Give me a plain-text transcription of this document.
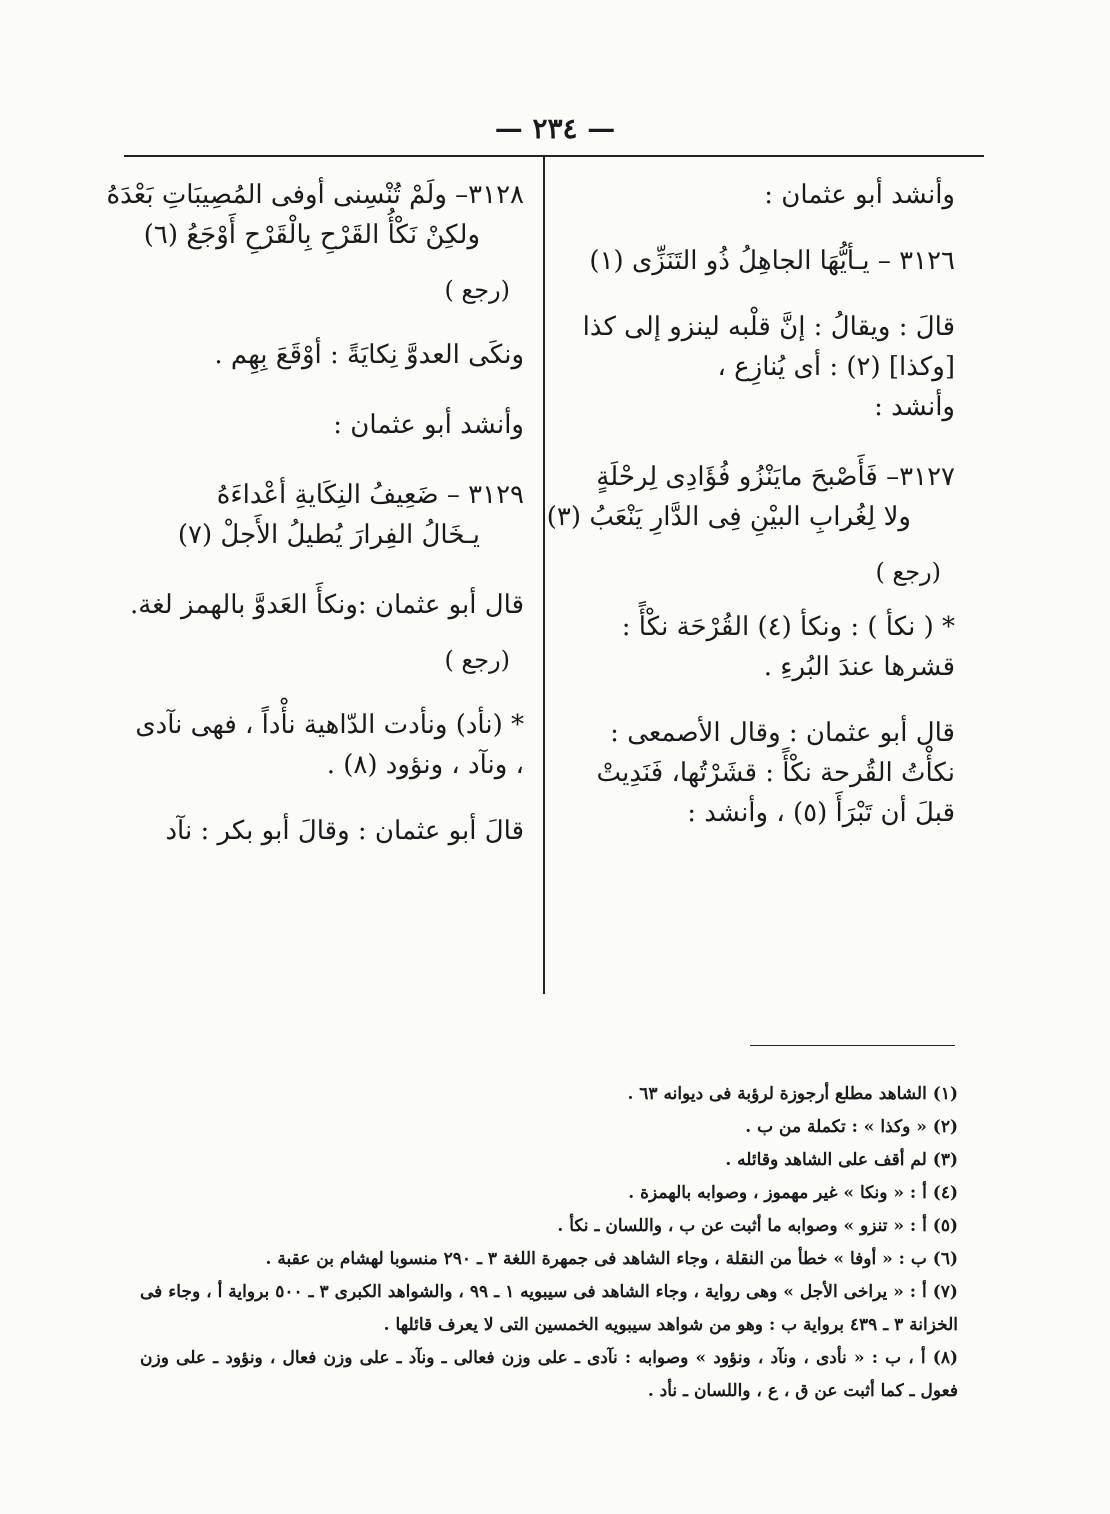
— ٢٣٤ —

وأنشد أبو عثمان :

٣١٢٦ – يـأيُّهَا الجاهِلُ ذُو التَنَزِّى (١)

قالَ : ويقالُ : إنَّ قلْبه لينزو إلى كذا [وكذا] (٢) : أى يُنازِع ،

وأنشد :

٣١٢٧– فَأَصْبحَ مايَنْزُو فُؤَادِى لِرحْلَةٍ
ولا لِغُرابِ البيْنِ فِى الدَّارِ يَنْعَبُ (٣)
(رجع )

* ( نكأ ) : ونكأ (٤) القُرْحَة نكْأً : قشرها عندَ البُرءِ .

قال أبو عثمان : وقال الأصمعى : نكأْتُ القُرحة نكْأً : قشَرْتُها، فَنَدِيتْ قبلَ أن تَبْرَأَ (٥) ، وأنشد :

٣١٢٨– ولَمْ تُنْسِنى أوفى المُصِيبَاتِ بَعْدَهُ
ولكِنْ نَكْأُ القَرْحِ بِالْقَرْحِ أَوْجَعُ (٦)
(رجع )

ونكَى العدوَّ نِكايَةً : أوْقَعَ بِهِم .

وأنشد أبو عثمان :

٣١٢٩ – ضَعِيفُ النِكَايةِ أعْداءَهُ
يـخَالُ الفِرارَ يُطيلُ الأَجلْ (٧)

قال أبو عثمان :ونكأَ العَدوَّ بالهمز لغة.

(رجع )

* (نأد) ونأدت الدّاهية نأْداً ، فهى نآدى ، ونآد ، ونؤود (٨) .

قالَ أبو عثمان : وقالَ أبو بكر : نآد

(١) الشاهد مطلع أرجوزة لرؤبة فى ديوانه ٦٣ .

(٢) « وكذا » : تكملة من ب .

(٣) لم أقف على الشاهد وقائله .

(٤) أ : « ونكا » غير مهموز ، وصوابه بالهمزة .

(٥) أ : « تنزو » وصوابه ما أثبت عن ب ، واللسان ـ نكأ .

(٦) ب : « أوفا » خطأ من النقلة ، وجاء الشاهد فى جمهرة اللغة ٣ ـ ٢٩٠ منسوبا لهشام بن عقبة .

(٧) أ : « يراخى الأجل » وهى رواية ، وجاء الشاهد فى سيبويه ١ ـ ٩٩ ، والشواهد الكبرى ٣ ـ ٥٠٠ برواية أ ، وجاء فى الخزانة ٣ ـ ٤٣٩ برواية ب : وهو من شواهد سيبويه الخمسين التى لا يعرف قائلها .

(٨) أ ، ب : « نأدى ، ونآد ، ونؤود » وصوابه : نآدى ـ على وزن فعالى ـ ونآد ـ على وزن فعال ، ونؤود ـ على وزن فعول ـ كما أثبت عن ق ، ع ، واللسان ـ نأد .
